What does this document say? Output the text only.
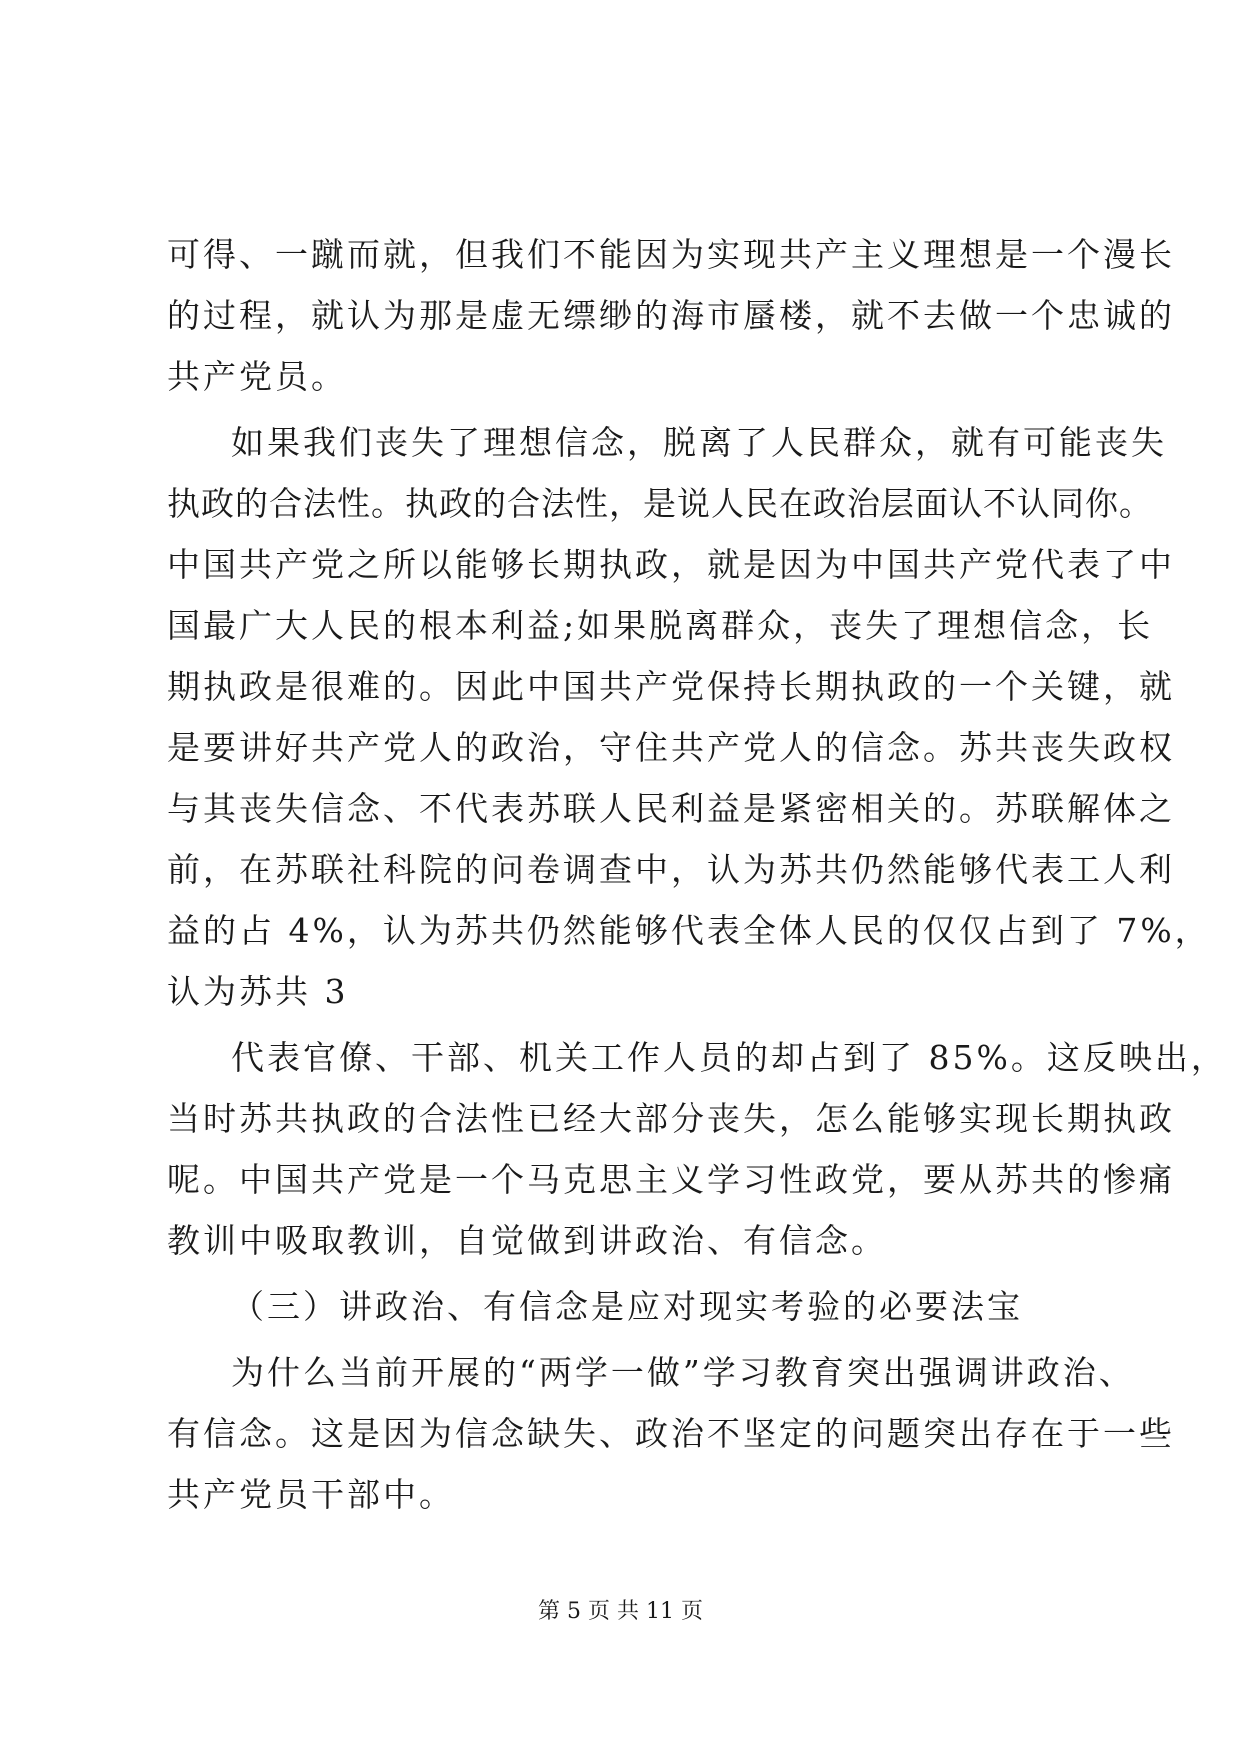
可得、一蹴而就，但我们不能因为实现共产主义理想是一个漫长
的过程，就认为那是虚无缥缈的海市蜃楼，就不去做一个忠诚的
共产党员。
如果我们丧失了理想信念，脱离了人民群众，就有可能丧失
执政的合法性。执政的合法性，是说人民在政治层面认不认同你。
中国共产党之所以能够长期执政，就是因为中国共产党代表了中
国最广大人民的根本利益;如果脱离群众，丧失了理想信念，长
期执政是很难的。因此中国共产党保持长期执政的一个关键，就
是要讲好共产党人的政治，守住共产党人的信念。苏共丧失政权
与其丧失信念、不代表苏联人民利益是紧密相关的。苏联解体之
前，在苏联社科院的问卷调查中，认为苏共仍然能够代表工人利
益的占 4%，认为苏共仍然能够代表全体人民的仅仅占到了 7%，
认为苏共 3
代表官僚、干部、机关工作人员的却占到了 85%。这反映出，
当时苏共执政的合法性已经大部分丧失，怎么能够实现长期执政
呢。中国共产党是一个马克思主义学习性政党，要从苏共的惨痛
教训中吸取教训，自觉做到讲政治、有信念。
（三）讲政治、有信念是应对现实考验的必要法宝
为什么当前开展的“两学一做”学习教育突出强调讲政治、
有信念。这是因为信念缺失、政治不坚定的问题突出存在于一些
共产党员干部中。
第 5 页 共 11 页
